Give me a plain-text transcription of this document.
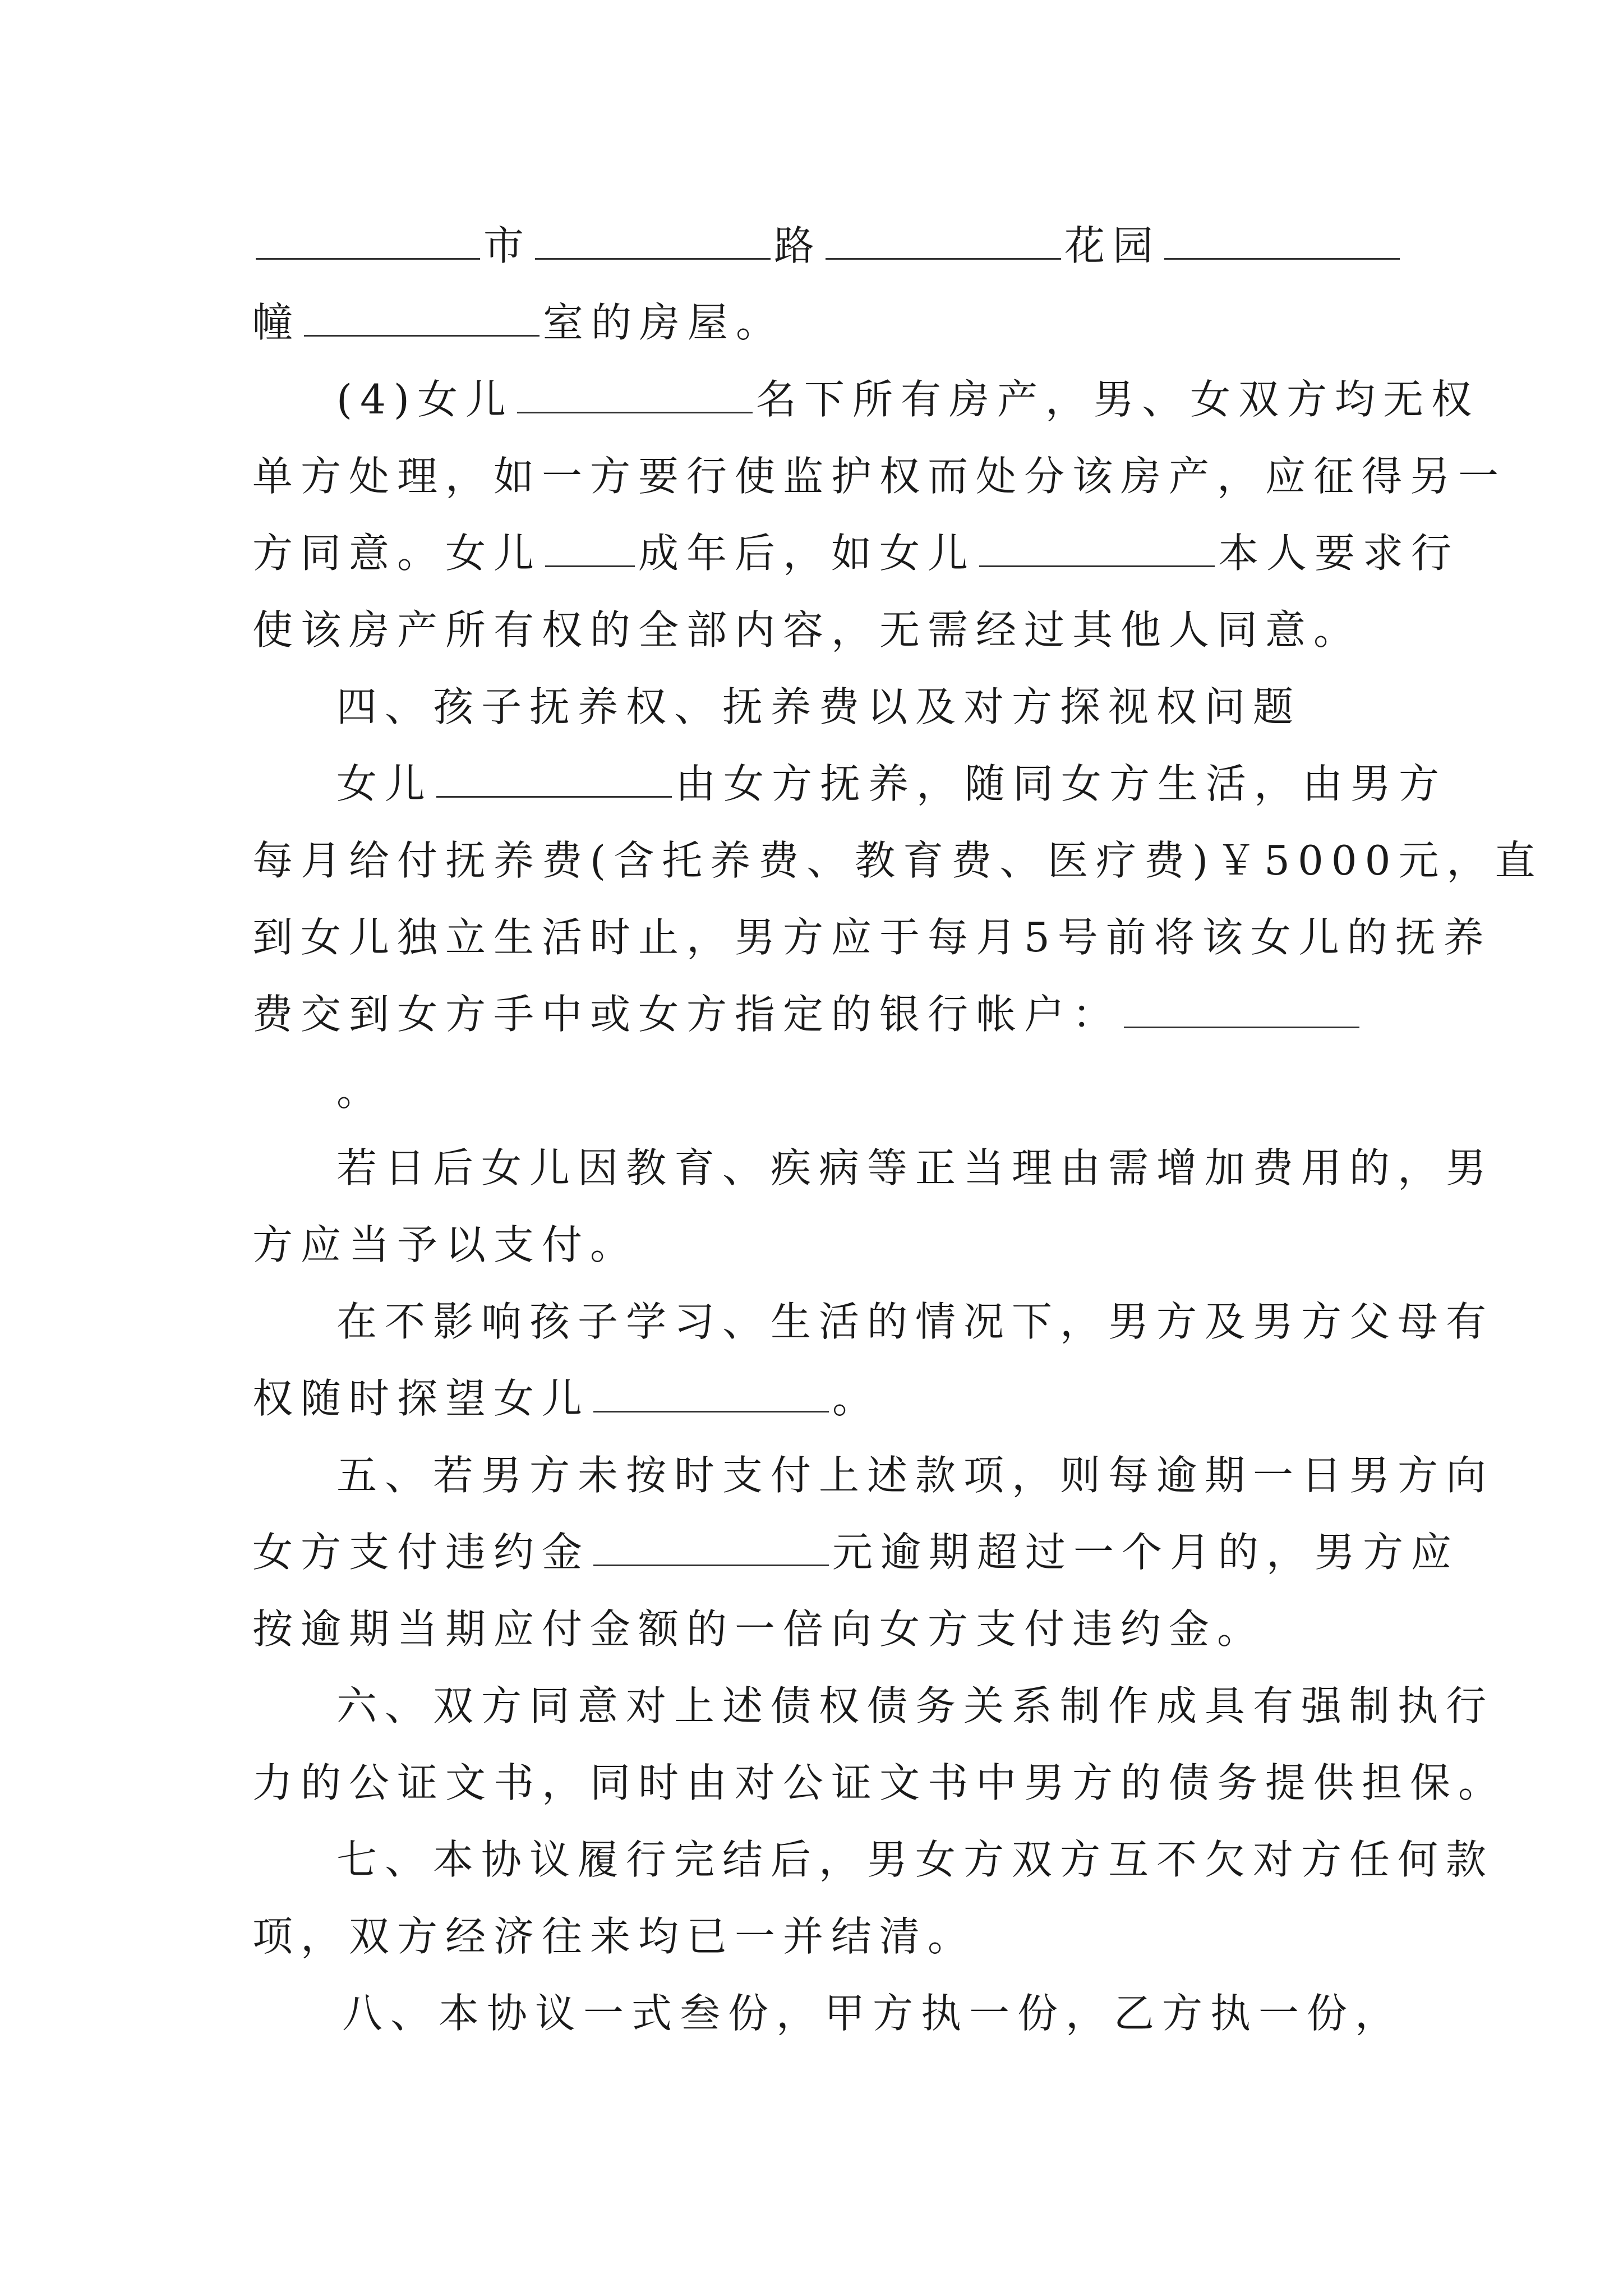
市	路	花园
幢	室的房屋。
(4)女儿	名下所有房产，男、女双方均无权
单方处理，如一方要行使监护权而处分该房产，应征得另一
方同意。女儿 成年后，如女儿	本人要求行
使该房产所有权的全部内容，无需经过其他人同意。
四、孩子抚养权、抚养费以及对方探视权问题
女儿	由女方抚养，随同女方生活，由男方
每月给付抚养费(含托养费、教育费、医疗费)￥5000元，直
到女儿独立生活时止，男方应于每月5号前将该女儿的抚养
费交到女方手中或女方指定的银行帐户：
。
若日后女儿因教育、疾病等正当理由需增加费用的，男
方应当予以支付。
在不影响孩子学习、生活的情况下，男方及男方父母有
权随时探望女儿	。
五、若男方未按时支付上述款项，则每逾期一日男方向
女方支付违约金	元逾期超过一个月的，男方应
按逾期当期应付金额的一倍向女方支付违约金。
六、双方同意对上述债权债务关系制作成具有强制执行
力的公证文书，同时由对公证文书中男方的债务提供担保。
七、本协议履行完结后，男女方双方互不欠对方任何款
项，双方经济往来均已一并结清。
八、本协议一式叁份，甲方执一份，乙方执一份，
